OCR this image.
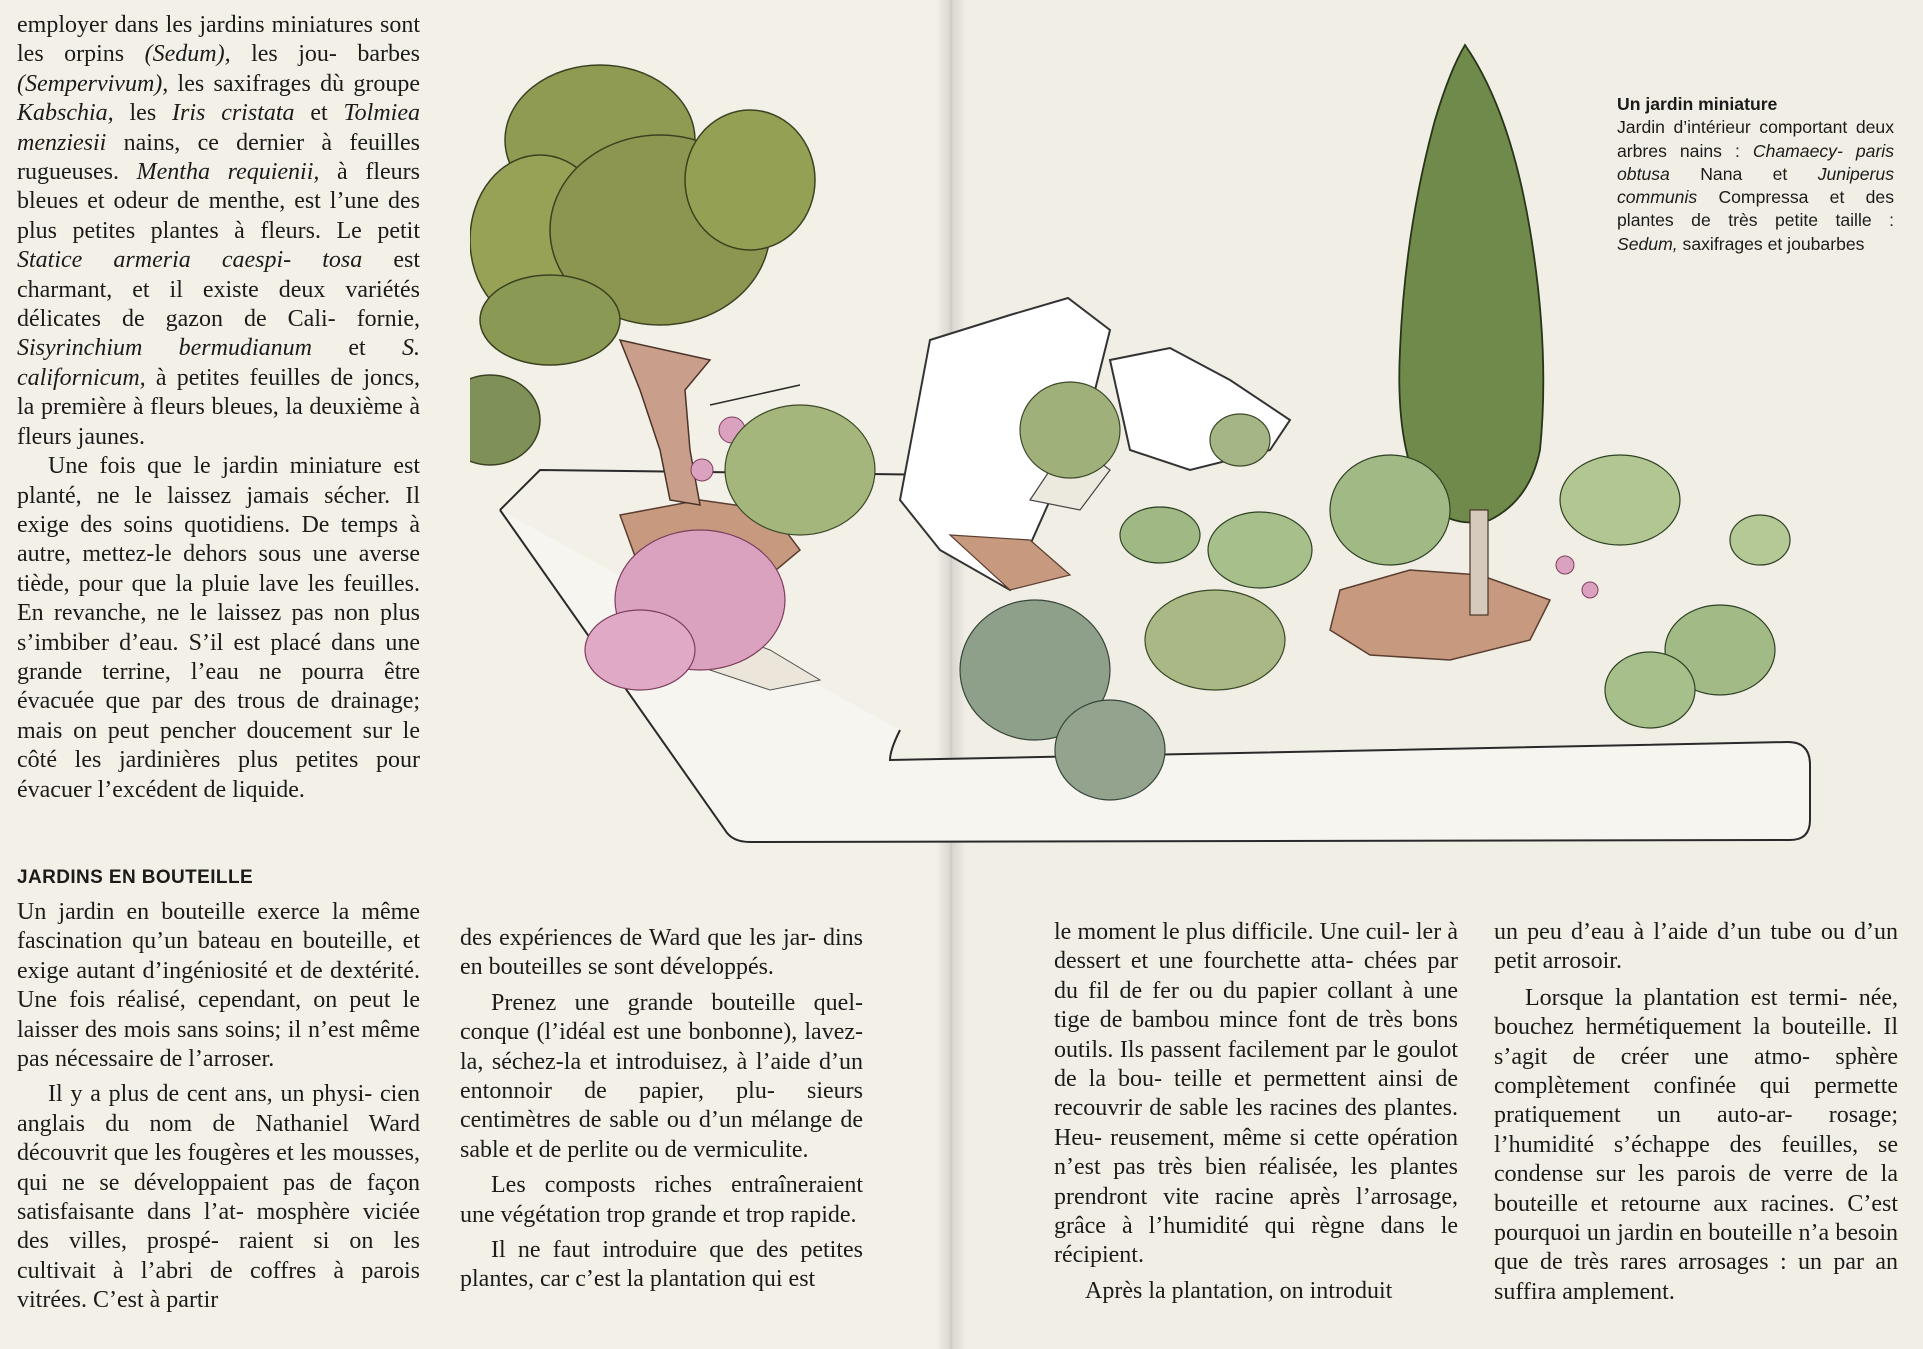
employer dans les jardins miniatures sont les orpins (Sedum), les jou- barbes (Sempervivum), les saxifrages dù groupe Kabschia, les Iris cristata et Tolmiea menziesii nains, ce dernier à feuilles rugueuses. Mentha requienii, à fleurs bleues et odeur de menthe, est l’une des plus petites plantes à fleurs. Le petit Statice armeria caespi- tosa est charmant, et il existe deux variétés délicates de gazon de Cali- fornie, Sisyrinchium bermudianum et S. californicum, à petites feuilles de joncs, la première à fleurs bleues, la deuxième à fleurs jaunes.

Une fois que le jardin miniature est planté, ne le laissez jamais sécher. Il exige des soins quotidiens. De temps à autre, mettez-le dehors sous une averse tiède, pour que la pluie lave les feuilles. En revanche, ne le laissez pas non plus s’imbiber d’eau. S’il est placé dans une grande terrine, l’eau ne pourra être évacuée que par des trous de drainage; mais on peut pencher doucement sur le côté les jardinières plus petites pour évacuer l’excédent de liquide.

JARDINS EN BOUTEILLE

Un jardin en bouteille exerce la même fascination qu’un bateau en bouteille, et exige autant d’ingéniosité et de dextérité. Une fois réalisé, cependant, on peut le laisser des mois sans soins; il n’est même pas nécessaire de l’arroser.

Il y a plus de cent ans, un physi- cien anglais du nom de Nathaniel Ward découvrit que les fougères et les mousses, qui ne se développaient pas de façon satisfaisante dans l’at- mosphère viciée des villes, prospé- raient si on les cultivait à l’abri de coffres à parois vitrées. C’est à partir

des expériences de Ward que les jar- dins en bouteilles se sont développés.

Prenez une grande bouteille quel- conque (l’idéal est une bonbonne), lavez-la, séchez-la et introduisez, à l’aide d’un entonnoir de papier, plu- sieurs centimètres de sable ou d’un mélange de sable et de perlite ou de vermiculite.

Les composts riches entraîneraient une végétation trop grande et trop rapide.

Il ne faut introduire que des petites plantes, car c’est la plantation qui est

le moment le plus difficile. Une cuil- ler à dessert et une fourchette atta- chées par du fil de fer ou du papier collant à une tige de bambou mince font de très bons outils. Ils passent facilement par le goulot de la bou- teille et permettent ainsi de recouvrir de sable les racines des plantes. Heu- reusement, même si cette opération n’est pas très bien réalisée, les plantes prendront vite racine après l’arrosage, grâce à l’humidité qui règne dans le récipient.

Après la plantation, on introduit

un peu d’eau à l’aide d’un tube ou d’un petit arrosoir.

Lorsque la plantation est termi- née, bouchez hermétiquement la bouteille. Il s’agit de créer une atmo- sphère complètement confinée qui permette pratiquement un auto-ar- rosage; l’humidité s’échappe des feuilles, se condense sur les parois de verre de la bouteille et retourne aux racines. C’est pourquoi un jardin en bouteille n’a besoin que de très rares arrosages : un par an suffira amplement.

Un jardin miniature
Jardin d’intérieur comportant deux arbres nains : Chamaecy- paris obtusa Nana et Juniperus communis Compressa et des plantes de très petite taille : Sedum, saxifrages et joubarbes
